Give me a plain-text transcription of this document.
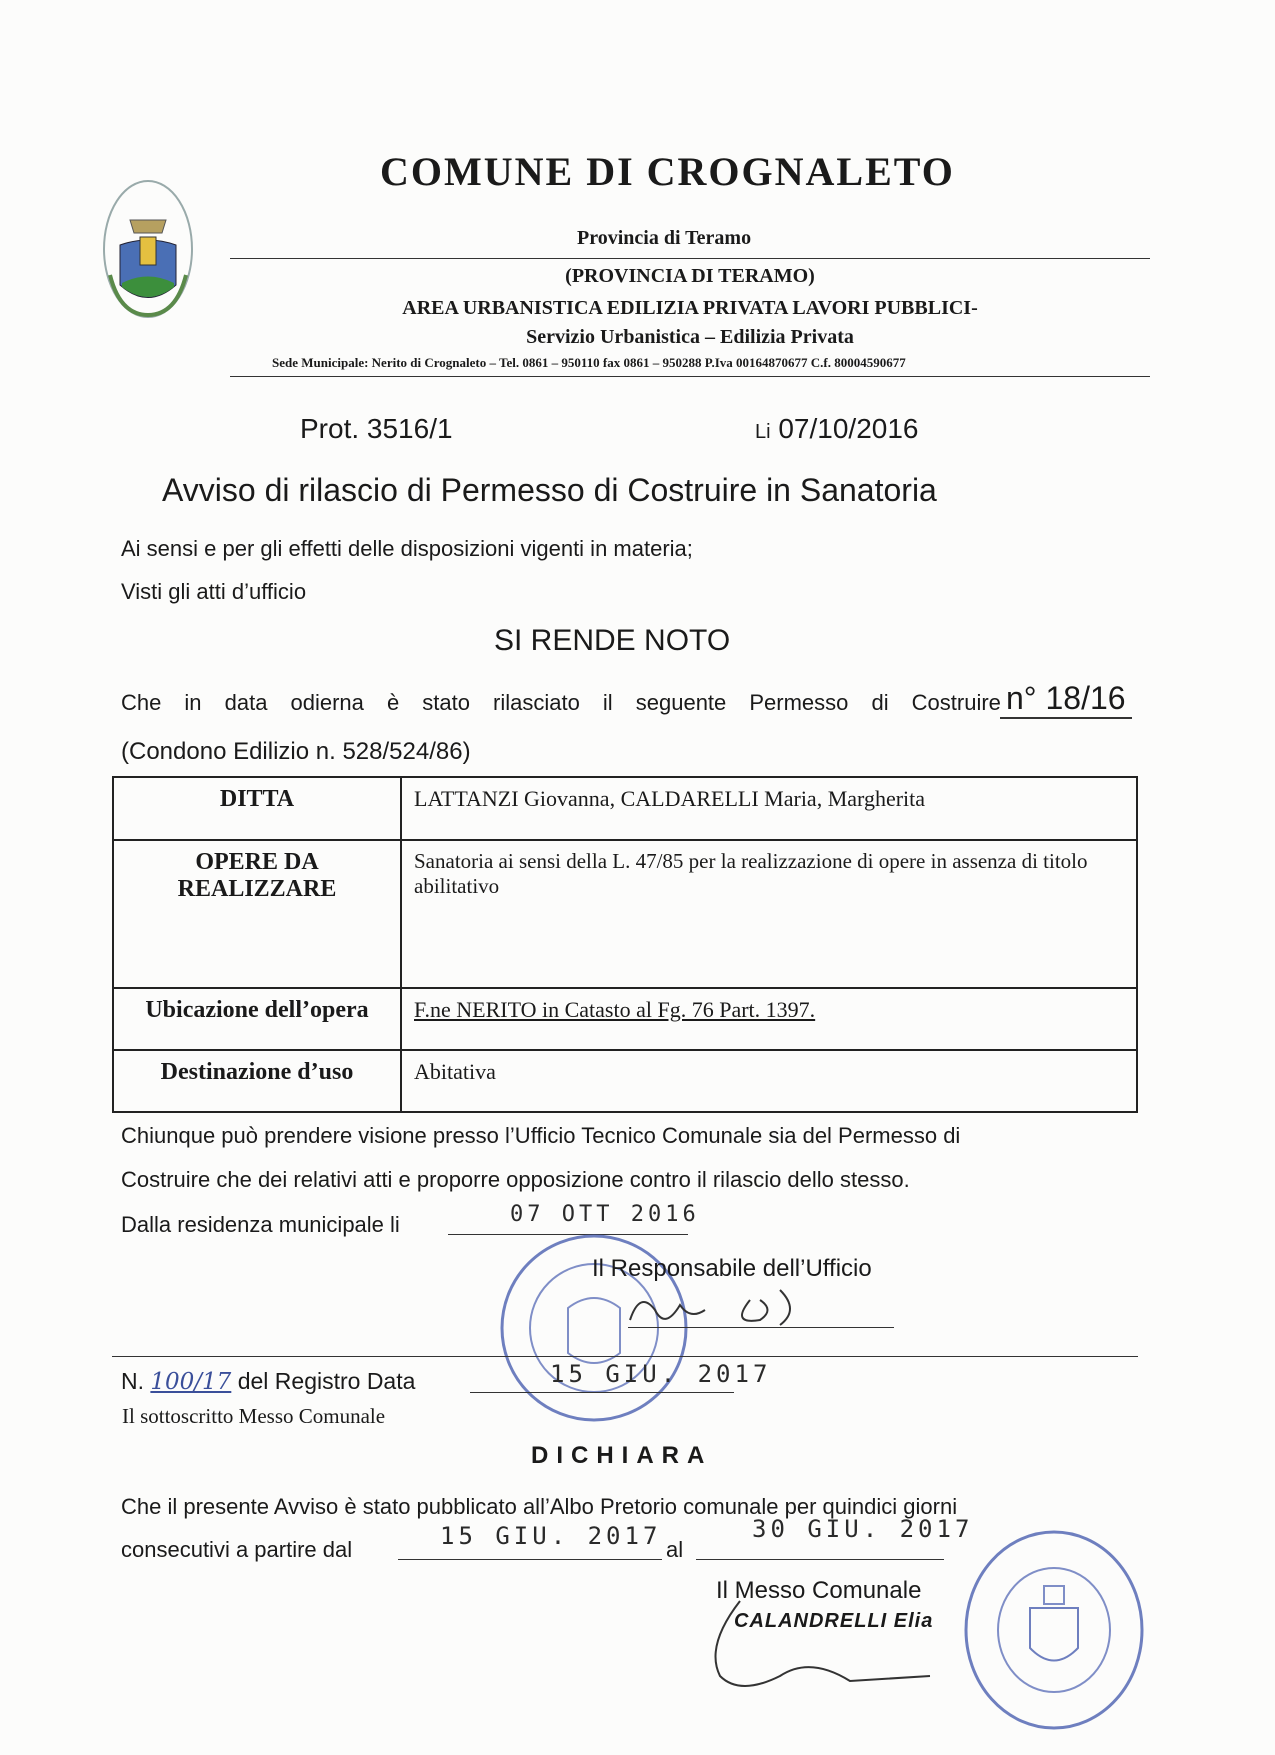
COMUNE DI CROGNALETO
Provincia di Teramo
(PROVINCIA DI TERAMO)
AREA URBANISTICA EDILIZIA PRIVATA LAVORI PUBBLICI-
Servizio Urbanistica – Edilizia Privata
Sede Municipale: Nerito di Crognaleto – Tel. 0861 – 950110 fax 0861 – 950288 P.Iva 00164870677 C.f. 80004590677
Prot. 3516/1	Li 07/10/2016
Avviso di rilascio di Permesso di Costruire in Sanatoria
Ai sensi e per gli effetti delle disposizioni vigenti in materia;
Visti gli atti d’ufficio
SI RENDE NOTO
Che in data odierna è stato rilasciato il seguente Permesso di Costruire n° 18/16
(Condono Edilizio n. 528/524/86)
DITTA	LATTANZI Giovanna, CALDARELLI Maria, Margherita
OPERE DA REALIZZARE	Sanatoria ai sensi della L. 47/85 per la realizzazione di opere in assenza di titolo abilitativo
Ubicazione dell’opera	F.ne NERITO in Catasto al Fg. 76 Part. 1397.
Destinazione d’uso	Abitativa
Chiunque può prendere visione presso l’Ufficio Tecnico Comunale sia del Permesso di
Costruire che dei relativi atti e proporre opposizione contro il rilascio dello stesso.
Dalla residenza municipale li	07 OTT 2016
Il Responsabile dell’Ufficio
N. 100/17 del Registro Data	15 GIU. 2017
Il sottoscritto Messo Comunale
DICHIARA
Che il presente Avviso è stato pubblicato all’Albo Pretorio comunale per quindici giorni
consecutivi a partire dal	15 GIU. 2017 al
30 GIU. 2017
Il Messo Comunale
CALANDRELLI Elia
